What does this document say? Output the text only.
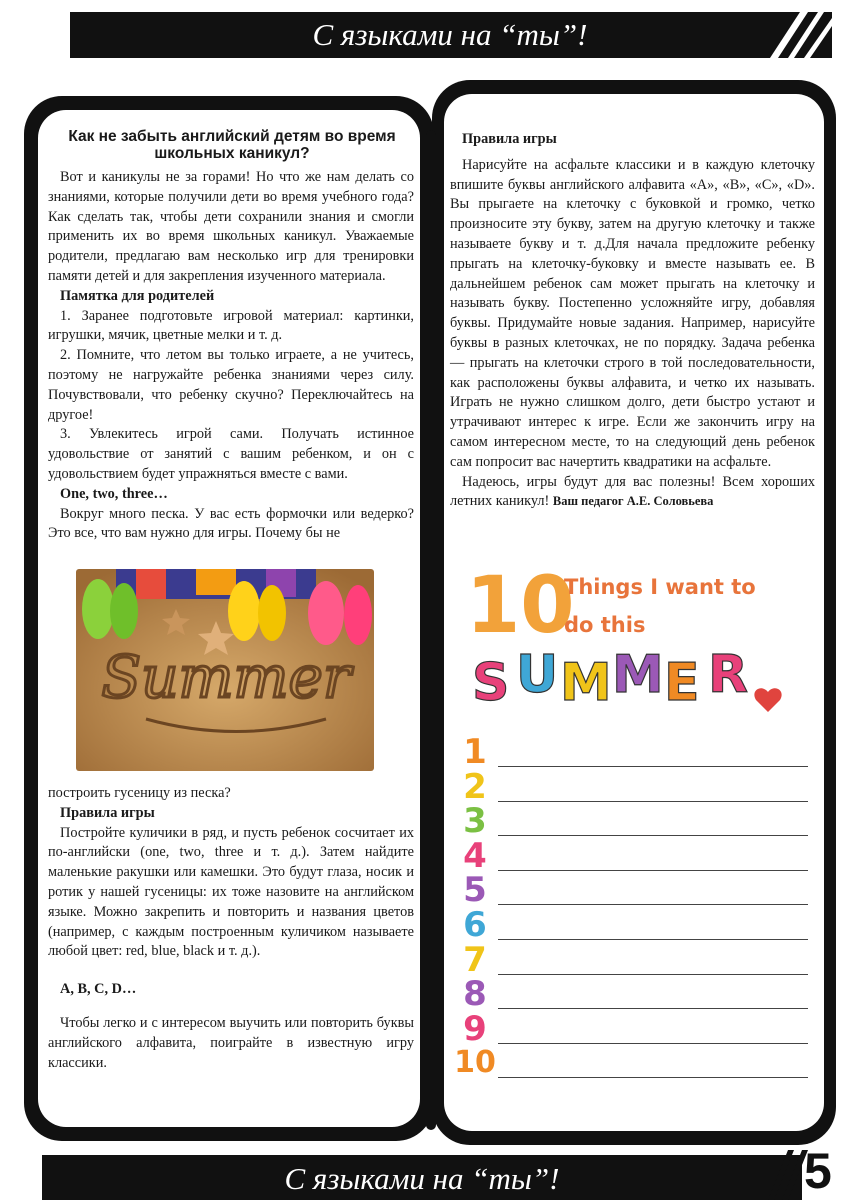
С языками на “ты”!
Как не забыть английский детям во время школьных каникул?

Вот и каникулы не за горами! Но что же нам делать со знаниями, которые получили дети во время учебного года? Как сделать так, чтобы дети сохранили знания и смогли применить их во время школьных каникул. Уважаемые родители, предлагаю вам несколько игр для тренировки памяти детей и для закрепления изученного материала.

Памятка для родителей

1. Заранее подготовьте игровой материал: картинки, игрушки, мячик, цветные мелки и т. д.

2. Помните, что летом вы только играете, а не учитесь, поэтому не нагружайте ребенка знаниями через силу. Почувствовали, что ребенку скучно? Переключайтесь на другое!

3. Увлекитесь игрой сами. Получать истинное удовольствие от занятий с вашим ребенком, и он с удовольствием будет упражняться вместе с вами.

One, two, three…

Вокруг много песка. У вас есть формочки или ведерко? Это все, что вам нужно для игры. Почему бы не

Summer

построить гусеницу из песка?

Правила игры

Постройте куличики в ряд, и пусть ребенок сосчитает их по-английски (one, two, three и т. д.). Затем найдите маленькие ракушки или камешки. Это будут глаза, носик и ротик у нашей гусеницы: их тоже назовите на английском языке. Можно закрепить и повторить и названия цветов (например, с каждым построенным куличиком называете любой цвет: red, blue, black и т. д.).

A, B, C, D…

Чтобы легко и с интересом выучить или повторить буквы английского алфавита, поиграйте в известную игру классики.

Правила игры

Нарисуйте на асфальте классики и в каждую клеточку впишите буквы английского алфавита «A», «B», «C», «D». Вы прыгаете на клеточку с буковкой и громко, четко произносите эту букву, затем на другую клеточку и также называете букву и т. д.Для начала предложите ребенку прыгать на клеточку-буковку и вместе называть ее. В дальнейшем ребенок сам может прыгать на клеточку и называть букву. Постепенно усложняйте игру, добавляя буквы. Придумайте новые задания. Например, нарисуйте буквы в разных клеточках, не по порядку. Задача ребенка — прыгать на клеточки строго в той последовательности, как расположены буквы алфавита, и четко их называть. Играть не нужно слишком долго, дети быстро устают и утрачивают интерес к игре. Если же закончить игру на самом интересном месте, то на следующий день ребенок сам попросит вас начертить квадратики на асфальте.

Надеюсь, игры будут для вас полезны! Всем хороших летних каникул! Ваш педагог А.Е. Соловьева

10
Things I want to
do this
S U M M E R
1
2
3
4
5
6
7
8
9
10
С языками на “ты”!	5
